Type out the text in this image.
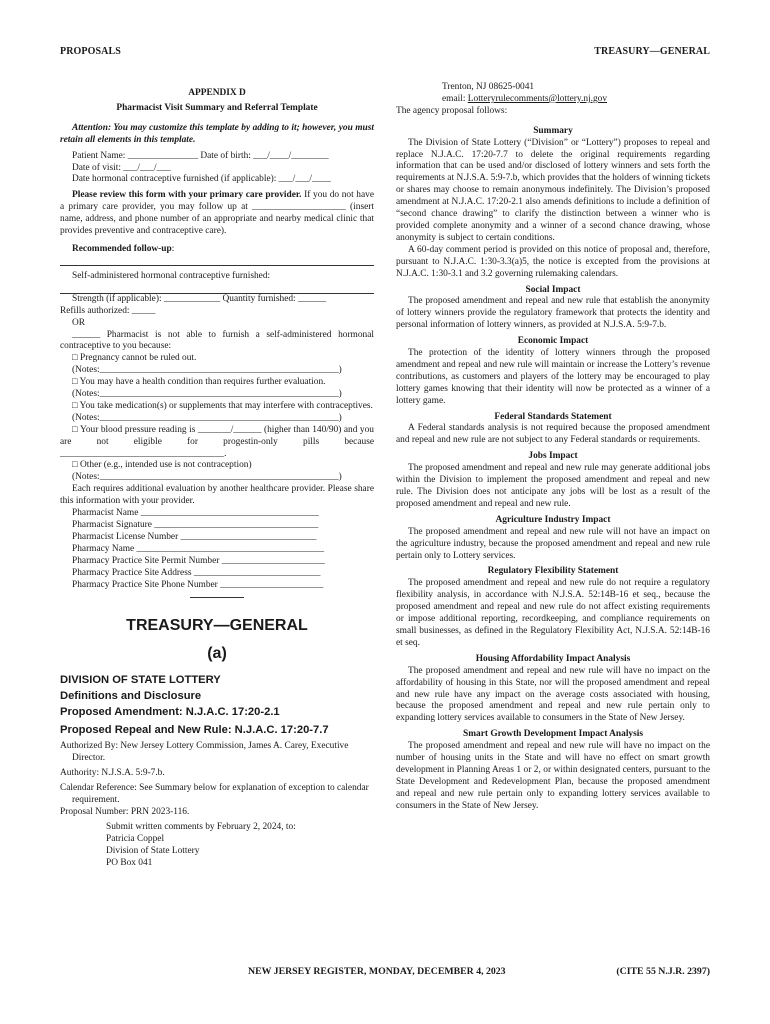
PROPOSALS	TREASURY—GENERAL

APPENDIX D

Pharmacist Visit Summary and Referral Template

Attention: You may customize this template by adding to it; however, you must retain all elements in this template.

Patient Name: _______________ Date of birth: ___/____/________

Date of visit: ___/___/___

Date hormonal contraceptive furnished (if applicable): ___/___/____

Please review this form with your primary care provider. If you do not have a primary care provider, you may follow up at ____________________ (insert name, address, and phone number of an appropriate and nearby medical clinic that provides preventive and contraceptive care).

Recommended follow-up:

Self-administered hormonal contraceptive furnished:

Strength (if applicable): ____________ Quantity furnished: ______

Refills authorized: _____

OR

______ Pharmacist is not able to furnish a self-administered hormonal contraceptive to you because:

□ Pregnancy cannot be ruled out.

(Notes:___________________________________________________)

□ You may have a health condition than requires further evaluation.

(Notes:___________________________________________________)

□ You take medication(s) or supplements that may interfere with contraceptives.

(Notes:___________________________________________________)

□ Your blood pressure reading is _______/______ (higher than 140/90) and you are not eligible for progestin-only pills because ___________________________________.

□ Other (e.g., intended use is not contraception)

(Notes:___________________________________________________)

Each requires additional evaluation by another healthcare provider. Please share this information with your provider.

Pharmacist Name ______________________________________

Pharmacist Signature ___________________________________

Pharmacist License Number _____________________________

Pharmacy Name ________________________________________

Pharmacy Practice Site Permit Number ______________________

Pharmacy Practice Site Address ___________________________

Pharmacy Practice Site Phone Number ______________________

TREASURY—GENERAL

(a)

DIVISION OF STATE LOTTERY

Definitions and Disclosure

Proposed Amendment: N.J.A.C. 17:20-2.1

Proposed Repeal and New Rule: N.J.A.C. 17:20-7.7

Authorized By: New Jersey Lottery Commission, James A. Carey, Executive Director.

Authority: N.J.S.A. 5:9-7.b.

Calendar Reference: See Summary below for explanation of exception to calendar requirement.

Proposal Number: PRN 2023-116.

Submit written comments by February 2, 2024, to:

Patricia Coppel

Division of State Lottery

PO Box 041

Trenton, NJ 08625-0041

email: Lotteryrulecomments@lottery.nj.gov

The agency proposal follows:

Summary

The Division of State Lottery (“Division” or “Lottery”) proposes to repeal and replace N.J.A.C. 17:20-7.7 to delete the original requirements regarding information that can be used and/or disclosed of lottery winners and sets forth the requirements at N.J.S.A. 5:9-7.b, which provides that the holders of winning tickets or shares may choose to remain anonymous indefinitely. The Division’s proposed amendment at N.J.A.C. 17:20-2.1 also amends definitions to include a definition of “second chance drawing” to clarify the distinction between a winner who is provided complete anonymity and a winner of a second chance drawing, whose anonymity is subject to certain conditions.

A 60-day comment period is provided on this notice of proposal and, therefore, pursuant to N.J.A.C. 1:30-3.3(a)5, the notice is excepted from the provisions at N.J.A.C. 1:30-3.1 and 3.2 governing rulemaking calendars.

Social Impact

The proposed amendment and repeal and new rule that establish the anonymity of lottery winners provide the regulatory framework that protects the identity and personal information of lottery winners, as provided at N.J.S.A. 5:9-7.b.

Economic Impact

The protection of the identity of lottery winners through the proposed amendment and repeal and new rule will maintain or increase the Lottery’s revenue contributions, as customers and players of the lottery may be encouraged to play lottery games knowing that their identity will now be protected as a winner of a lottery game.

Federal Standards Statement

A Federal standards analysis is not required because the proposed amendment and repeal and new rule are not subject to any Federal standards or requirements.

Jobs Impact

The proposed amendment and repeal and new rule may generate additional jobs within the Division to implement the proposed amendment and repeal and new rule. The Division does not anticipate any jobs will be lost as a result of the proposed amendment and repeal and new rule.

Agriculture Industry Impact

The proposed amendment and repeal and new rule will not have an impact on the agriculture industry, because the proposed amendment and repeal and new rule pertain only to Lottery services.

Regulatory Flexibility Statement

The proposed amendment and repeal and new rule do not require a regulatory flexibility analysis, in accordance with N.J.S.A. 52:14B-16 et seq., because the proposed amendment and repeal and new rule do not affect existing requirements or impose additional reporting, recordkeeping, and compliance requirements on small businesses, as defined in the Regulatory Flexibility Act, N.J.S.A. 52:14B-16 et seq.

Housing Affordability Impact Analysis

The proposed amendment and repeal and new rule will have no impact on the affordability of housing in this State, nor will the proposed amendment and repeal and new rule have any impact on the average costs associated with housing, because the proposed amendment and repeal and new rule pertain only to expanding lottery services available to consumers in the State of New Jersey.

Smart Growth Development Impact Analysis

The proposed amendment and repeal and new rule will have no impact on the number of housing units in the State and will have no effect on smart growth development in Planning Areas 1 or 2, or within designated centers, pursuant to the State Development and Redevelopment Plan, because the proposed amendment and repeal and new rule pertain only to expanding lottery services available to consumers in the State of New Jersey.

NEW JERSEY REGISTER, MONDAY, DECEMBER 4, 2023	(CITE 55 N.J.R. 2397)
